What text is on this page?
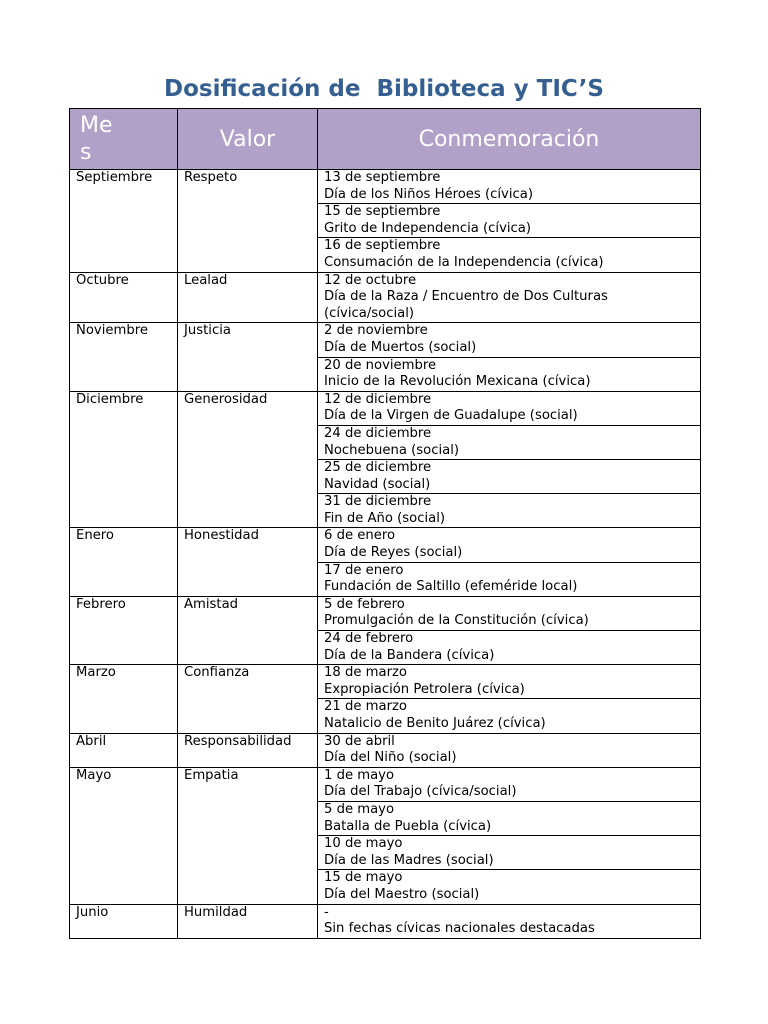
Dosificación de  Biblioteca y TIC’S
Mes	Valor	Conmemoración
Septiembre	Respeto	13 de septiembre
Día de los Niños Héroes (cívica)

		15 de septiembre
Grito de Independencia (cívica)

		16 de septiembre
Consumación de la Independencia (cívica)

Octubre	Lealad	12 de octubre
Día de la Raza / Encuentro de Dos Culturas (cívica/social)

Noviembre	Justicia	2 de noviembre
Día de Muertos (social)

		20 de noviembre
Inicio de la Revolución Mexicana (cívica)

Diciembre	Generosidad	12 de diciembre
Día de la Virgen de Guadalupe (social)

		24 de diciembre
Nochebuena (social)

		25 de diciembre
Navidad (social)

		31 de diciembre
Fin de Año (social)

Enero	Honestidad	6 de enero
Día de Reyes (social)

		17 de enero
Fundación de Saltillo (efeméride local)

Febrero	Amistad	5 de febrero
Promulgación de la Constitución (cívica)

		24 de febrero
Día de la Bandera (cívica)

Marzo	Confianza	18 de marzo
Expropiación Petrolera (cívica)

		21 de marzo
Natalicio de Benito Juárez (cívica)

Abril	Responsabilidad	30 de abril
Día del Niño (social)

Mayo	Empatia	1 de mayo
Día del Trabajo (cívica/social)

		5 de mayo
Batalla de Puebla (cívica)

		10 de mayo
Día de las Madres (social)

		15 de mayo
Día del Maestro (social)

Junio	Humildad	-
Sin fechas cívicas nacionales destacadas
